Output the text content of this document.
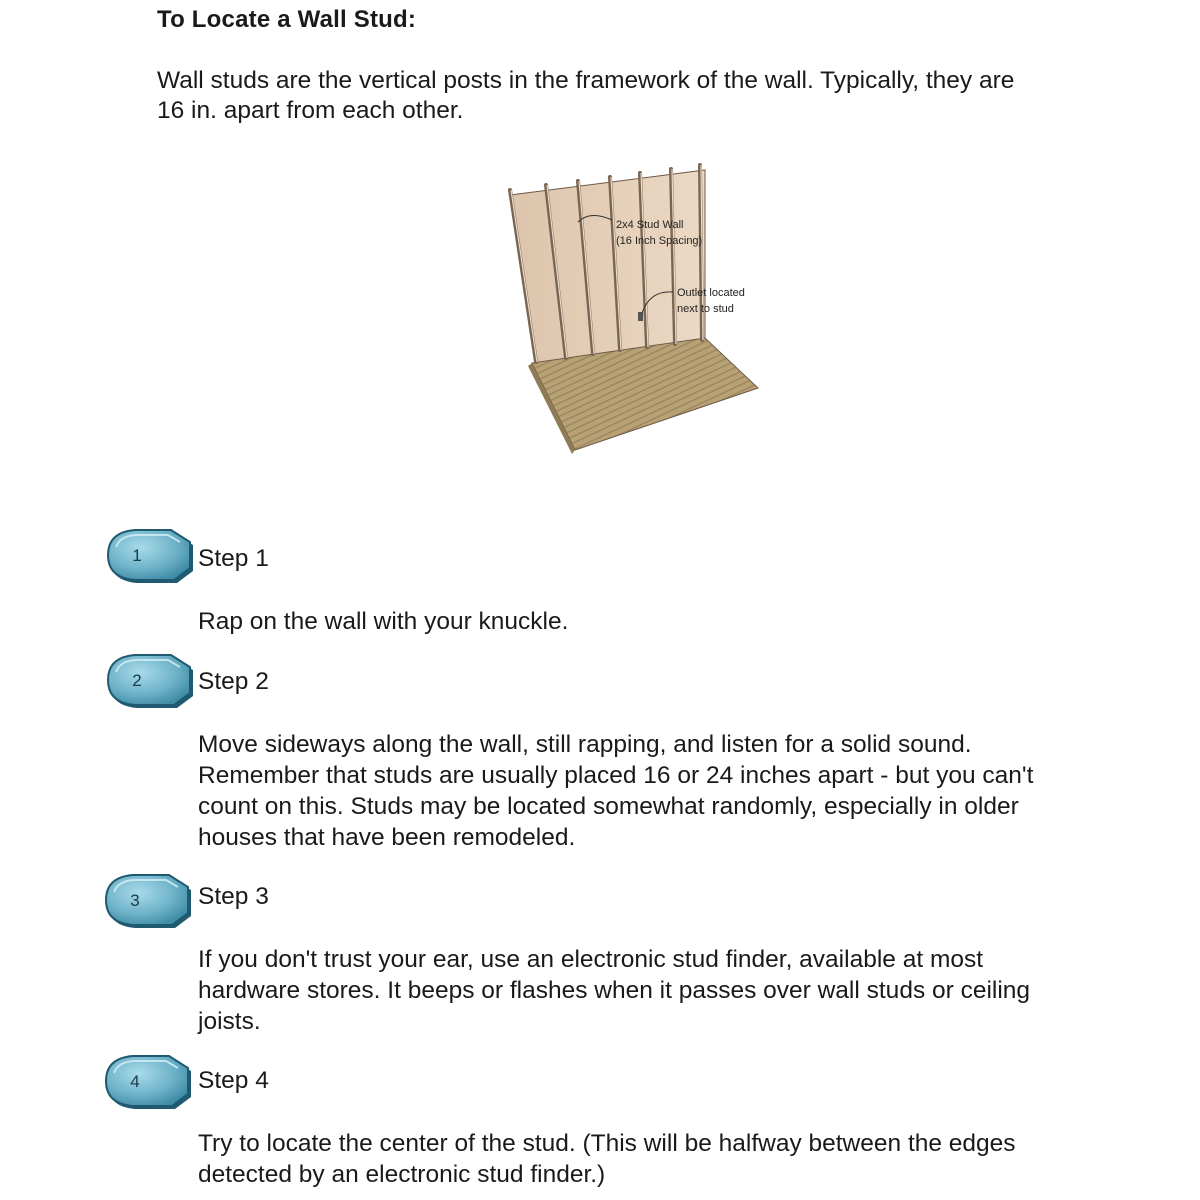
To Locate a Wall Stud:
Wall studs are the vertical posts in the framework of the wall. Typically, they are
16 in. apart from each other.
2x4 Stud Wall
(16 Inch Spacing)
Outlet located
next to stud
1	Step 1
Rap on the wall with your knuckle.
2	Step 2
Move sideways along the wall, still rapping, and listen for a solid sound.
Remember that studs are usually placed 16 or 24 inches apart - but you can't
count on this. Studs may be located somewhat randomly, especially in older
houses that have been remodeled.
3	Step 3
If you don't trust your ear, use an electronic stud finder, available at most
hardware stores. It beeps or flashes when it passes over wall studs or ceiling
joists.
4	Step 4
Try to locate the center of the stud. (This will be halfway between the edges
detected by an electronic stud finder.)
